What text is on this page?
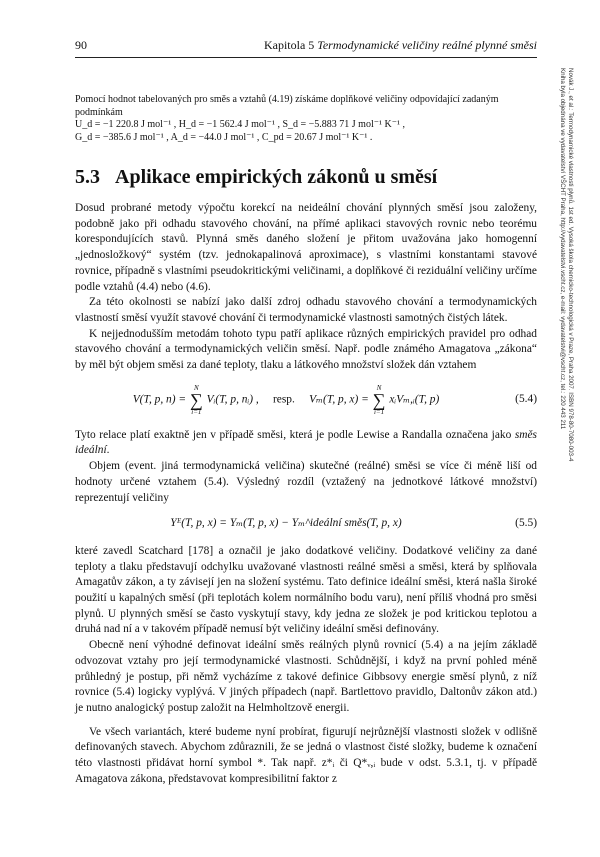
Novák J., et al.: Termodynamické vlastnosti plynů. 1st ed. Vysoká škola chemicko-technologická v Praze, Praha 2007. ISBN 978-80-7080-003-4
Kniha byla objednána ve vydavatelství VŠCHT Praha, http://vydavatelstvi.vscht.cz, e-mail: vydavatelstvi@vscht.cz, tel.: 220 443 211
90	Kapitola 5 Termodynamické veličiny reálné plynné směsi

Pomocí hodnot tabelovaných pro směs a vztahů (4.19) získáme doplňkové veličiny odpovídající zadaným podmínkám

U_d = −1 220.8 J mol⁻¹ , H_d = −1 562.4 J mol⁻¹ , S_d = −5.883 71 J mol⁻¹ K⁻¹ ,

G_d = −385.6 J mol⁻¹ , A_d = −44.0 J mol⁻¹ , C_pd = 20.67 J mol⁻¹ K⁻¹ .

5.3 Aplikace empirických zákonů u směsí

Dosud probrané metody výpočtu korekcí na neideální chování plynných směsí jsou založeny, podobně jako při odhadu stavového chování, na přímé aplikaci stavových rovnic nebo teorému korespondujících stavů. Plynná směs daného složení je přitom uvažována jako homogenní „jednosložkový“ systém (tzv. jednokapalinová aproximace), s vlastními konstantami stavové rovnice, případně s vlastními pseudokritickými veličinami, a doplňkové či reziduální veličiny určíme podle vztahů (4.4) nebo (4.6).

Za této okolnosti se nabízí jako další zdroj odhadu stavového chování a termodynamických vlastností směsí využít stavové chování či termodynamické vlastnosti samotných čistých látek.

K nejjednodušším metodám tohoto typu patří aplikace různých empirických pravidel pro odhad stavového chování a termodynamických veličin směsí. Např. podle známého Amagatova „zákona“ by měl být objem směsi za dané teploty, tlaku a látkového množství složek dán vztahem

V(T, p, n) =
N
∑
i=1
Vᵢ(T, p, nᵢ) , resp. Vₘ(T, p, x) =
N
∑
i=1
xᵢVₘ,ᵢ(T, p)	(5.4)

Tyto relace platí exaktně jen v případě směsi, která je podle Lewise a Randalla označena jako směs ideální.

Objem (event. jiná termodynamická veličina) skutečné (reálné) směsi se více či méně liší od hodnoty určené vztahem (5.4). Výsledný rozdíl (vztažený na jednotkové látkové množství) reprezentují veličiny

Yᴱ(T, p, x) = Yₘ(T, p, x) − Yₘ^ideální směs(T, p, x)	(5.5)

které zavedl Scatchard [178] a označil je jako dodatkové veličiny. Dodatkové veličiny za dané teploty a tlaku představují odchylku uvažované vlastnosti reálné směsi a směsi, která by splňovala Amagatův zákon, a ty závisejí jen na složení systému. Tato definice ideální směsi, která našla široké použití u kapalných směsí (při teplotách kolem normálního bodu varu), není příliš vhodná pro směsi plynů. U plynných směsí se často vyskytují stavy, kdy jedna ze složek je pod kritickou teplotou a druhá nad ní a v takovém případě nemusí být veličiny ideální směsi definovány.

Obecně není výhodné definovat ideální směs reálných plynů rovnicí (5.4) a na jejím základě odvozovat vztahy pro její termodynamické vlastnosti. Schůdnější, i když na první pohled méně průhledný je postup, při němž vycházíme z takové definice Gibbsovy energie směsí plynů, z níž rovnice (5.4) logicky vyplývá. V jiných případech (např. Bartlettovo pravidlo, Daltonův zákon atd.) je nutno analogický postup založit na Helmholtzově energii.

Ve všech variantách, které budeme nyní probírat, figurují nejrůznější vlastnosti složek v odlišně definovaných stavech. Abychom zdůraznili, že se jedná o vlastnost čisté složky, budeme k označení této vlastnosti přidávat horní symbol *. Tak např. z*ᵢ či Q*ᵥ,ᵢ bude v odst. 5.3.1, tj. v případě Amagatova zákona, představovat kompresibilitní faktor z
